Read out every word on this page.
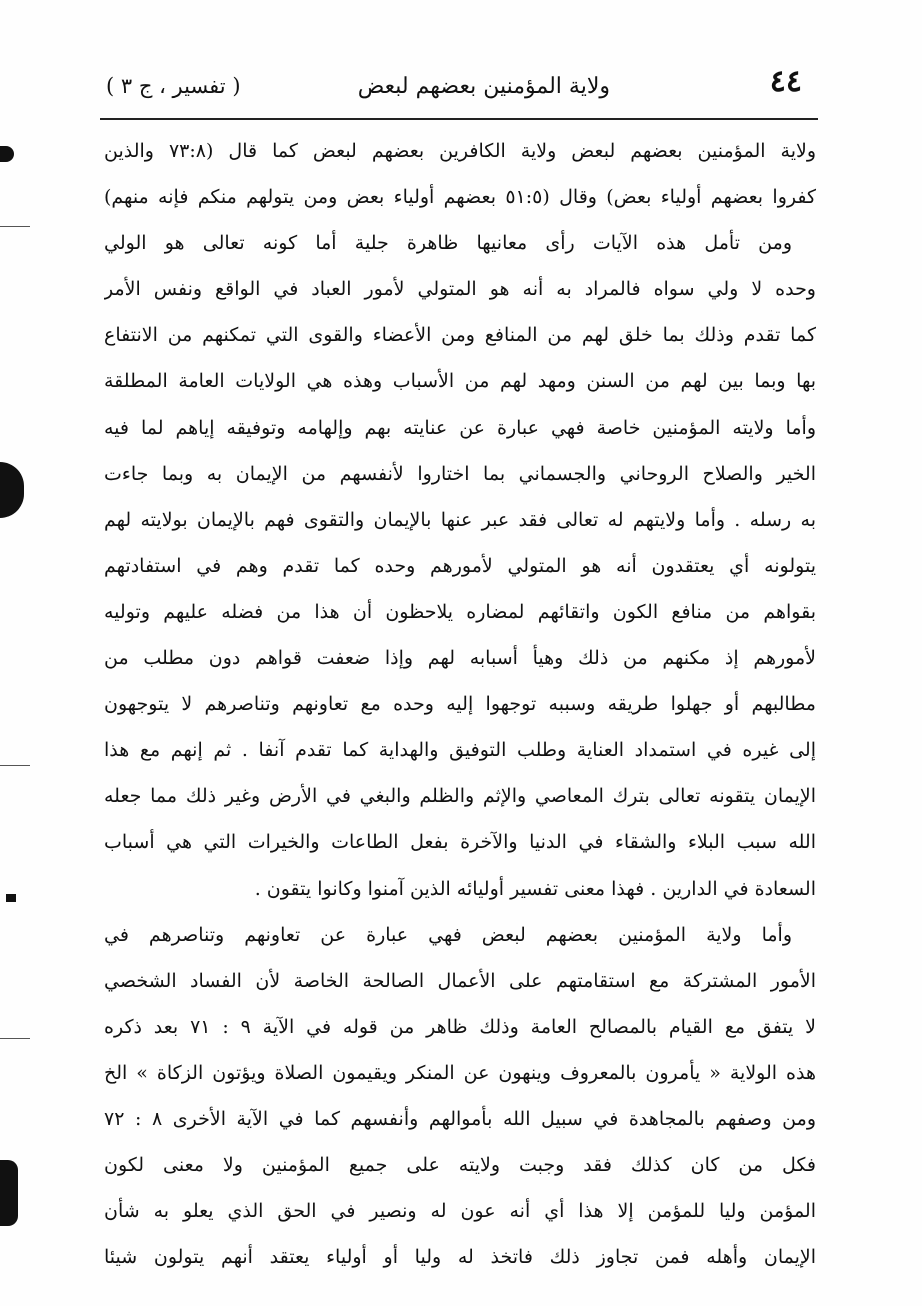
٤٤
ولاية المؤمنين بعضهم لبعض
( تفسير ، ج ٣ )
ولاية المؤمنين بعضهم لبعض ولاية الكافرين بعضهم لبعض كما قال (٧٣:٨ والذين
كفروا بعضهم أولياء بعض) وقال (٥١:٥ بعضهم أولياء بعض ومن يتولهم منكم فإنه منهم)
ومن تأمل هذه الآيات رأى معانيها ظاهرة جلية أما كونه تعالى هو الولي
وحده لا ولي سواه فالمراد به أنه هو المتولي لأمور العباد في الواقع ونفس الأمر
كما تقدم وذلك بما خلق لهم من المنافع ومن الأعضاء والقوى التي تمكنهم من الانتفاع
بها وبما بين لهم من السنن ومهد لهم من الأسباب وهذه هي الولايات العامة المطلقة
وأما ولايته المؤمنين خاصة فهي عبارة عن عنايته بهم وإلهامه وتوفيقه إياهم لما فيه
الخير والصلاح الروحاني والجسماني بما اختاروا لأنفسهم من الإيمان به وبما جاءت
به رسله . وأما ولايتهم له تعالى فقد عبر عنها بالإيمان والتقوى فهم بالإيمان بولايته لهم
يتولونه أي يعتقدون أنه هو المتولي لأمورهم وحده كما تقدم وهم في استفادتهم
بقواهم من منافع الكون واتقائهم لمضاره يلاحظون أن هذا من فضله عليهم وتوليه
لأمورهم إذ مكنهم من ذلك وهيأ أسبابه لهم وإذا ضعفت قواهم دون مطلب من
مطالبهم أو جهلوا طريقه وسببه توجهوا إليه وحده مع تعاونهم وتناصرهم لا يتوجهون
إلى غيره في استمداد العناية وطلب التوفيق والهداية كما تقدم آنفا . ثم إنهم مع هذا
الإيمان يتقونه تعالى بترك المعاصي والإثم والظلم والبغي في الأرض وغير ذلك مما جعله
الله سبب البلاء والشقاء في الدنيا والآخرة بفعل الطاعات والخيرات التي هي أسباب
السعادة في الدارين . فهذا معنى تفسير أوليائه الذين آمنوا وكانوا يتقون .
وأما ولاية المؤمنين بعضهم لبعض فهي عبارة عن تعاونهم وتناصرهم في
الأمور المشتركة مع استقامتهم على الأعمال الصالحة الخاصة لأن الفساد الشخصي
لا يتفق مع القيام بالمصالح العامة وذلك ظاهر من قوله في الآية ٩ : ٧١ بعد ذكره
هذه الولاية « يأمرون بالمعروف وينهون عن المنكر ويقيمون الصلاة ويؤتون الزكاة » الخ
ومن وصفهم بالمجاهدة في سبيل الله بأموالهم وأنفسهم كما في الآية الأخرى ٨ : ٧٢
فكل من كان كذلك فقد وجبت ولايته على جميع المؤمنين ولا معنى لكون
المؤمن وليا للمؤمن إلا هذا أي أنه عون له ونصير في الحق الذي يعلو به شأن
الإيمان وأهله فمن تجاوز ذلك فاتخذ له وليا أو أولياء يعتقد أنهم يتولون شيئا
